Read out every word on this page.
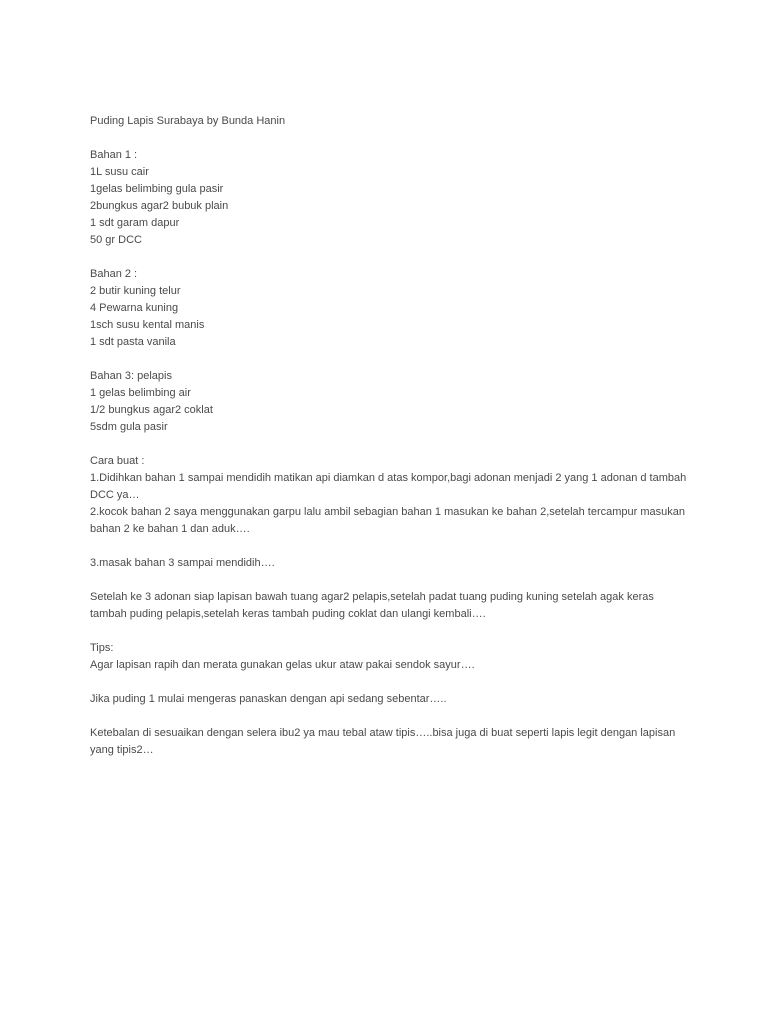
Puding Lapis Surabaya by Bunda Hanin

Bahan 1 :

1L susu cair

1gelas belimbing gula pasir

2bungkus agar2 bubuk plain

1 sdt garam dapur

50 gr DCC

Bahan 2 :

2 butir kuning telur

4 Pewarna kuning

1sch susu kental manis

1 sdt pasta vanila

Bahan 3: pelapis

1 gelas belimbing air

1/2 bungkus agar2 coklat

5sdm gula pasir

Cara buat :

1.Didihkan bahan 1 sampai mendidih matikan api diamkan d atas kompor,bagi adonan menjadi 2 yang 1 adonan d tambah DCC ya…

2.kocok bahan 2 saya menggunakan garpu lalu ambil sebagian bahan 1 masukan ke bahan 2,setelah tercampur masukan bahan 2 ke bahan 1 dan aduk….

3.masak bahan 3 sampai mendidih….

Setelah ke 3 adonan siap lapisan bawah tuang agar2 pelapis,setelah padat tuang puding kuning setelah agak keras tambah puding pelapis,setelah keras tambah puding coklat dan ulangi kembali….

Tips:

Agar lapisan rapih dan merata gunakan gelas ukur ataw pakai sendok sayur….

Jika puding 1 mulai mengeras panaskan dengan api sedang sebentar…..

Ketebalan di sesuaikan dengan selera ibu2 ya mau tebal ataw tipis…..bisa juga di buat seperti lapis legit dengan lapisan yang tipis2…
